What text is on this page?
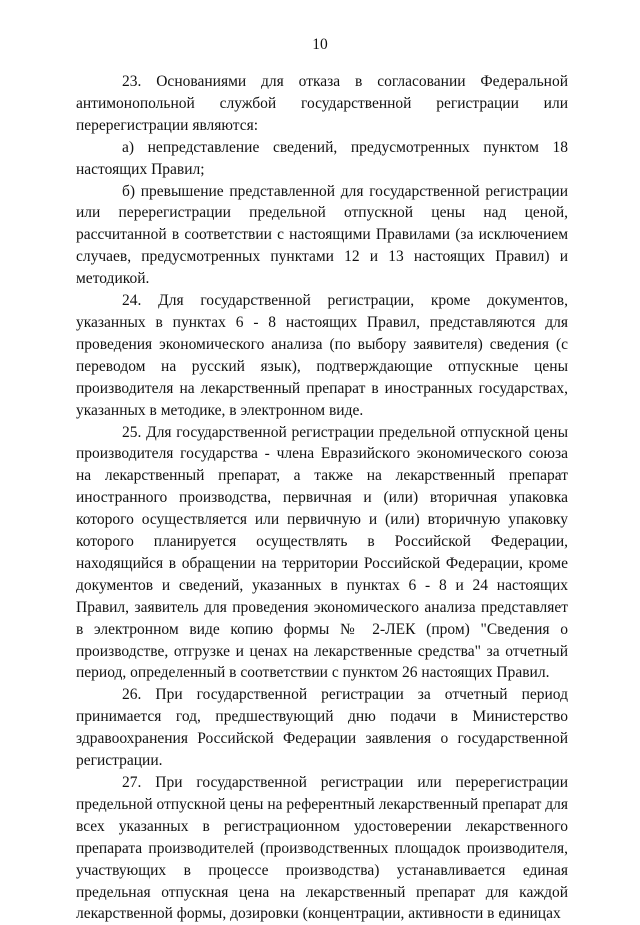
10

23. Основаниями для отказа в согласовании Федеральной антимонопольной службой государственной регистрации или перерегистрации являются:

а) непредставление сведений, предусмотренных пунктом 18 настоящих Правил;

б) превышение представленной для государственной регистрации или перерегистрации предельной отпускной цены над ценой, рассчитанной в соответствии с настоящими Правилами (за исключением случаев, предусмотренных пунктами 12 и 13 настоящих Правил) и методикой.

24. Для государственной регистрации, кроме документов, указанных в пунктах 6 - 8 настоящих Правил, представляются для проведения экономического анализа (по выбору заявителя) сведения (с переводом на русский язык), подтверждающие отпускные цены производителя на лекарственный препарат в иностранных государствах, указанных в методике, в электронном виде.

25. Для государственной регистрации предельной отпускной цены производителя государства - члена Евразийского экономического союза на лекарственный препарат, а также на лекарственный препарат иностранного производства, первичная и (или) вторичная упаковка которого осуществляется или первичную и (или) вторичную упаковку которого планируется осуществлять в Российской Федерации, находящийся в обращении на территории Российской Федерации, кроме документов и сведений, указанных в пунктах 6 - 8 и 24 настоящих Правил, заявитель для проведения экономического анализа представляет в электронном виде копию формы № 2-ЛЕК (пром) "Сведения о производстве, отгрузке и ценах на лекарственные средства" за отчетный период, определенный в соответствии с пунктом 26 настоящих Правил.

26. При государственной регистрации за отчетный период принимается год, предшествующий дню подачи в Министерство здравоохранения Российской Федерации заявления о государственной регистрации.

27. При государственной регистрации или перерегистрации предельной отпускной цены на референтный лекарственный препарат для всех указанных в регистрационном удостоверении лекарственного препарата производителей (производственных площадок производителя, участвующих в процессе производства) устанавливается единая предельная отпускная цена на лекарственный препарат для каждой лекарственной формы, дозировки (концентрации, активности в единицах
